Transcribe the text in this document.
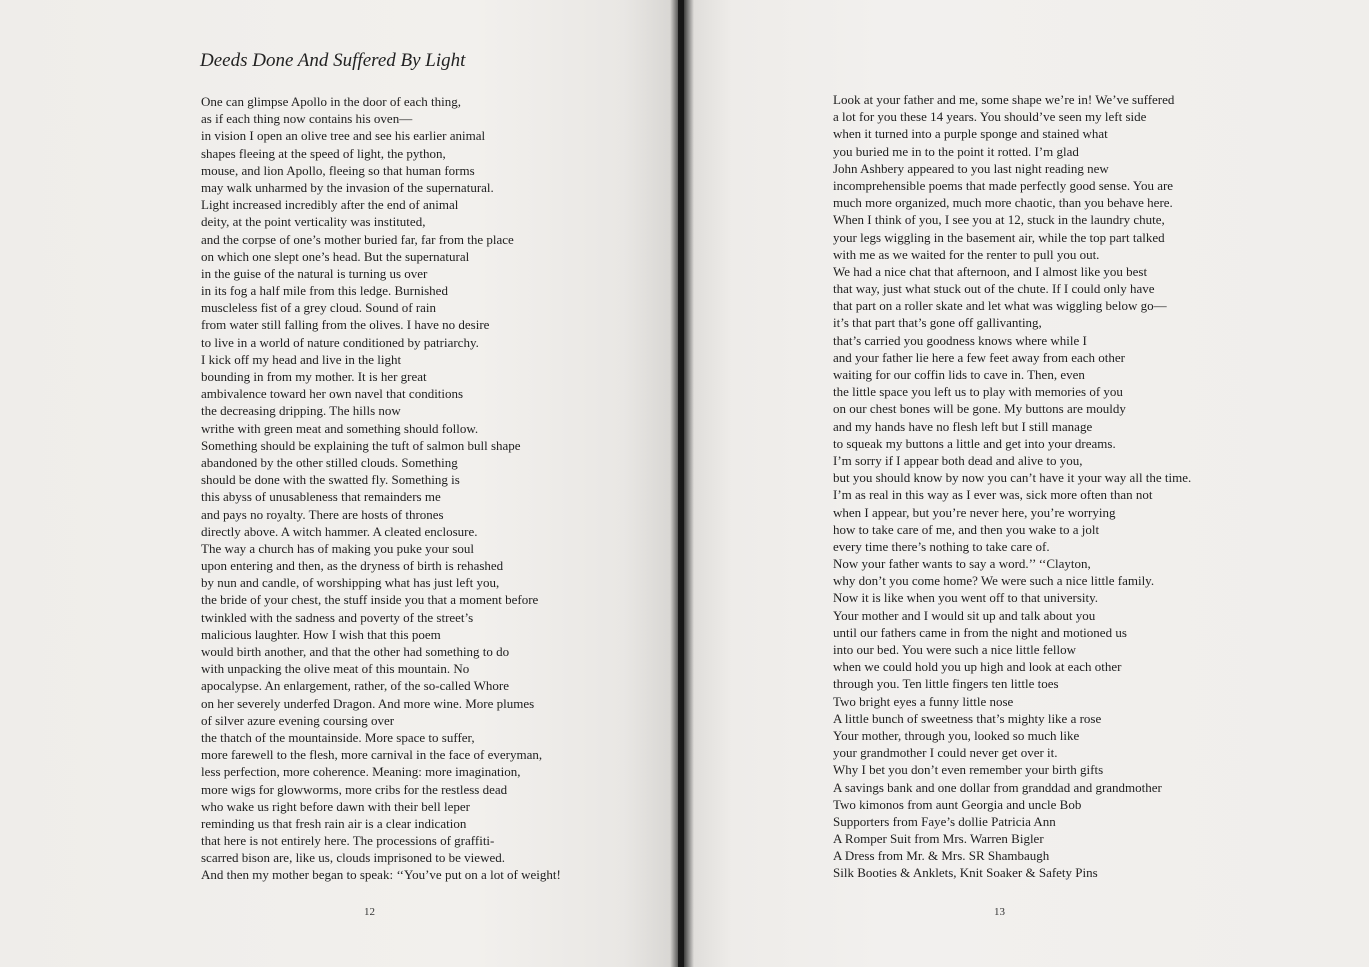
Deeds Done And Suffered By Light
One can glimpse Apollo in the door of each thing,
as if each thing now contains his oven—
in vision I open an olive tree and see his earlier animal
shapes fleeing at the speed of light, the python,
mouse, and lion Apollo, fleeing so that human forms
may walk unharmed by the invasion of the supernatural.
Light increased incredibly after the end of animal
deity, at the point verticality was instituted,
and the corpse of one’s mother buried far, far from the place
on which one slept one’s head. But the supernatural
in the guise of the natural is turning us over
in its fog a half mile from this ledge. Burnished
muscleless fist of a grey cloud. Sound of rain
from water still falling from the olives. I have no desire
to live in a world of nature conditioned by patriarchy.
I kick off my head and live in the light
bounding in from my mother. It is her great
ambivalence toward her own navel that conditions
the decreasing dripping. The hills now
writhe with green meat and something should follow.
Something should be explaining the tuft of salmon bull shape
abandoned by the other stilled clouds. Something
should be done with the swatted fly. Something is
this abyss of unusableness that remainders me
and pays no royalty. There are hosts of thrones
directly above. A witch hammer. A cleated enclosure.
The way a church has of making you puke your soul
upon entering and then, as the dryness of birth is rehashed
by nun and candle, of worshipping what has just left you,
the bride of your chest, the stuff inside you that a moment before
twinkled with the sadness and poverty of the street’s
malicious laughter. How I wish that this poem
would birth another, and that the other had something to do
with unpacking the olive meat of this mountain. No
apocalypse. An enlargement, rather, of the so-called Whore
on her severely underfed Dragon. And more wine. More plumes
of silver azure evening coursing over
the thatch of the mountainside. More space to suffer,
more farewell to the flesh, more carnival in the face of everyman,
less perfection, more coherence. Meaning: more imagination,
more wigs for glowworms, more cribs for the restless dead
who wake us right before dawn with their bell leper
reminding us that fresh rain air is a clear indication
that here is not entirely here. The processions of graffiti-
scarred bison are, like us, clouds imprisoned to be viewed.
And then my mother began to speak: ‘‘You’ve put on a lot of weight!
12	13
Look at your father and me, some shape we’re in! We’ve suffered
a lot for you these 14 years. You should’ve seen my left side
when it turned into a purple sponge and stained what
you buried me in to the point it rotted. I’m glad
John Ashbery appeared to you last night reading new
incomprehensible poems that made perfectly good sense. You are
much more organized, much more chaotic, than you behave here.
When I think of you, I see you at 12, stuck in the laundry chute,
your legs wiggling in the basement air, while the top part talked
with me as we waited for the renter to pull you out.
We had a nice chat that afternoon, and I almost like you best
that way, just what stuck out of the chute. If I could only have
that part on a roller skate and let what was wiggling below go—
it’s that part that’s gone off gallivanting,
that’s carried you goodness knows where while I
and your father lie here a few feet away from each other
waiting for our coffin lids to cave in. Then, even
the little space you left us to play with memories of you
on our chest bones will be gone. My buttons are mouldy
and my hands have no flesh left but I still manage
to squeak my buttons a little and get into your dreams.
I’m sorry if I appear both dead and alive to you,
but you should know by now you can’t have it your way all the time.
I’m as real in this way as I ever was, sick more often than not
when I appear, but you’re never here, you’re worrying
how to take care of me, and then you wake to a jolt
every time there’s nothing to take care of.
Now your father wants to say a word.’’ ‘‘Clayton,
why don’t you come home? We were such a nice little family.
Now it is like when you went off to that university.
Your mother and I would sit up and talk about you
until our fathers came in from the night and motioned us
into our bed. You were such a nice little fellow
when we could hold you up high and look at each other
through you. Ten little fingers ten little toes
Two bright eyes a funny little nose
A little bunch of sweetness that’s mighty like a rose
Your mother, through you, looked so much like
your grandmother I could never get over it.
Why I bet you don’t even remember your birth gifts
A savings bank and one dollar from granddad and grandmother
Two kimonos from aunt Georgia and uncle Bob
Supporters from Faye’s dollie Patricia Ann
A Romper Suit from Mrs. Warren Bigler
A Dress from Mr. & Mrs. SR Shambaugh
Silk Booties & Anklets, Knit Soaker & Safety Pins
